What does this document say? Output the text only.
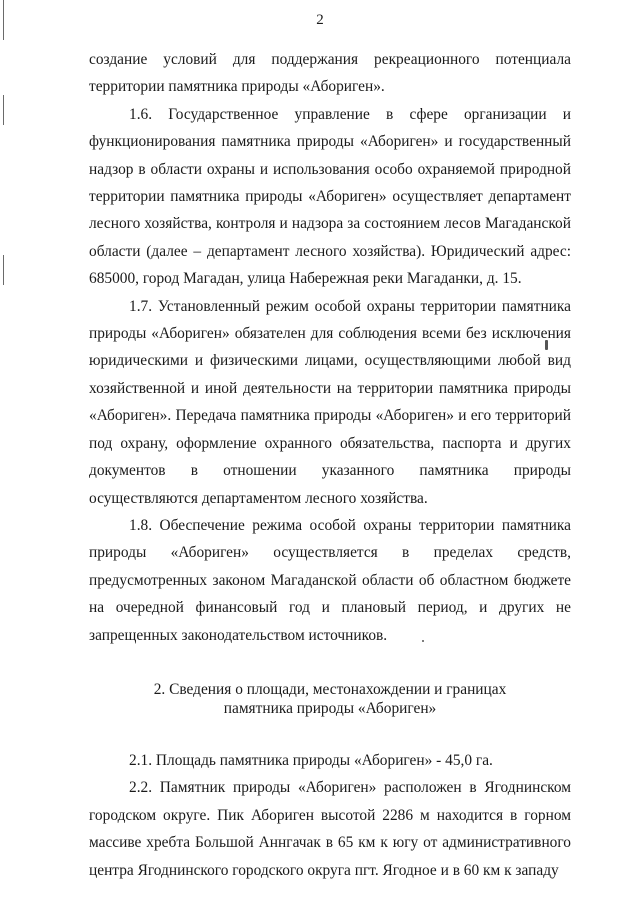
2

создание условий для поддержания рекреационного потенциала территории памятника природы «Абориген».

1.6. Государственное управление в сфере организации и функционирования памятника природы «Абориген» и государственный надзор в области охраны и использования особо охраняемой природной территории памятника природы «Абориген» осуществляет департамент лесного хозяйства, контроля и надзора за состоянием лесов Магаданской области (далее – департамент лесного хозяйства). Юридический адрес: 685000, город Магадан, улица Набережная реки Магаданки, д. 15.

1.7. Установленный режим особой охраны территории памятника природы «Абориген» обязателен для соблюдения всеми без исключения юридическими и физическими лицами, осуществляющими любой вид хозяйственной и иной деятельности на территории памятника природы «Абориген». Передача памятника природы «Абориген» и его территорий под охрану, оформление охранного обязательства, паспорта и других документов в отношении указанного памятника природы осуществляются департаментом лесного хозяйства.

1.8. Обеспечение режима особой охраны территории памятника природы «Абориген» осуществляется в пределах средств, предусмотренных законом Магаданской области об областном бюджете на очередной финансовый год и плановый период, и других не запрещенных законодательством источников.

2. Сведения о площади, местонахождении и границах
памятника природы «Абориген»

2.1. Площадь памятника природы «Абориген» - 45,0 га.

2.2. Памятник природы «Абориген» расположен в Ягоднинском городском округе. Пик Абориген высотой 2286 м находится в горном массиве хребта Большой Аннгачак в 65 км к югу от административного центра Ягоднинского городского округа пгт. Ягодное и в 60 км к западу
